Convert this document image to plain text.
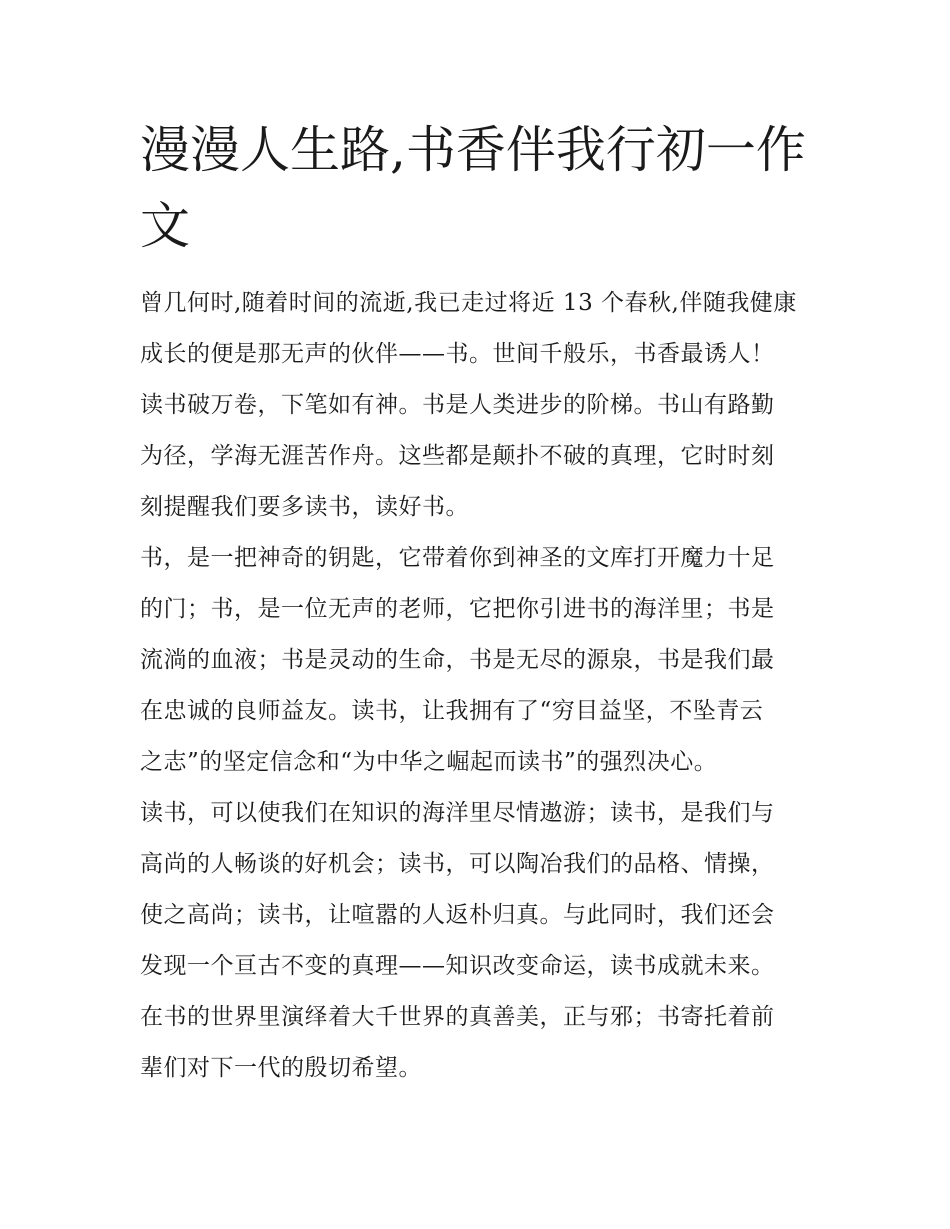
漫漫人生路,书香伴我行初一作
文
曾几何时,随着时间的流逝,我已走过将近 13 个春秋,伴随我健康
成长的便是那无声的伙伴——书。世间千般乐，书香最诱人！
读书破万卷，下笔如有神。书是人类进步的阶梯。书山有路勤
为径，学海无涯苦作舟。这些都是颠扑不破的真理，它时时刻
刻提醒我们要多读书，读好书。
书，是一把神奇的钥匙，它带着你到神圣的文库打开魔力十足
的门；书，是一位无声的老师，它把你引进书的海洋里；书是
流淌的血液；书是灵动的生命，书是无尽的源泉，书是我们最
在忠诚的良师益友。读书，让我拥有了“穷目益坚，不坠青云
之志”的坚定信念和“为中华之崛起而读书”的强烈决心。
读书，可以使我们在知识的海洋里尽情遨游；读书，是我们与
高尚的人畅谈的好机会；读书，可以陶冶我们的品格、情操，
使之高尚；读书，让喧嚣的人返朴归真。与此同时，我们还会
发现一个亘古不变的真理——知识改变命运，读书成就未来。
在书的世界里演绎着大千世界的真善美，正与邪；书寄托着前
辈们对下一代的殷切希望。
